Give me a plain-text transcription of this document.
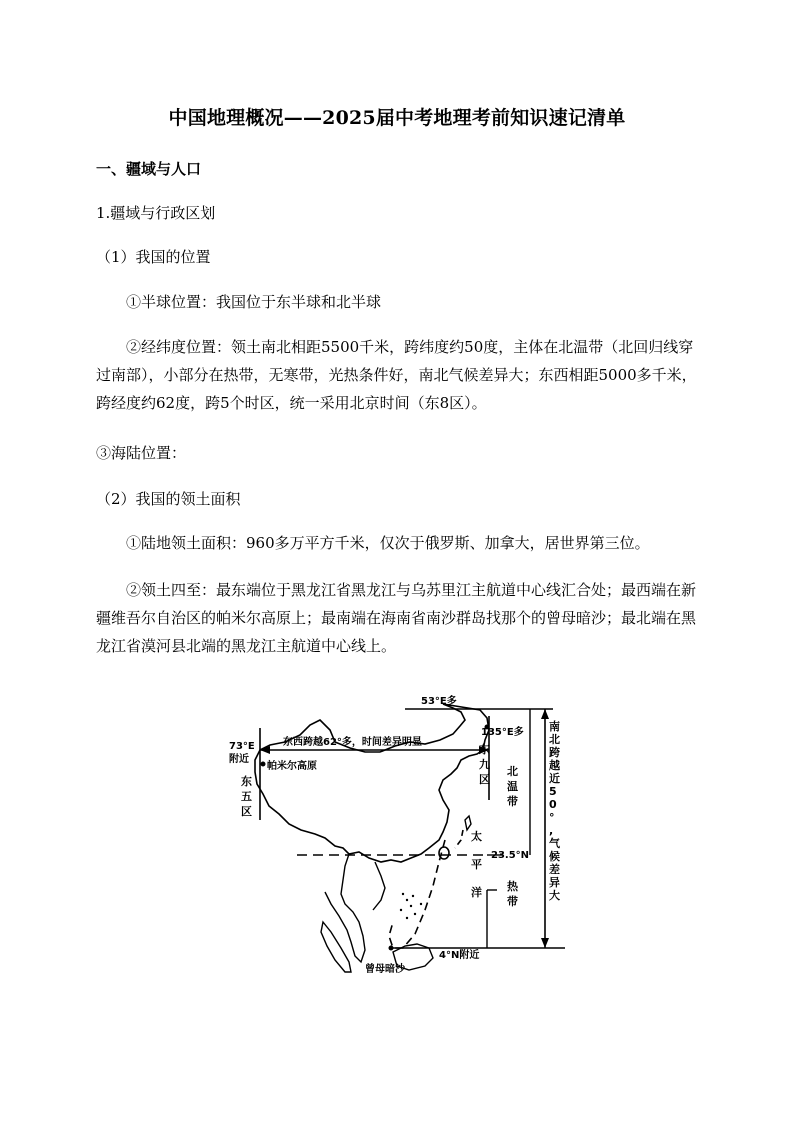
中国地理概况——2025届中考地理考前知识速记清单
一、疆域与人口
1.疆域与行政区划
（1）我国的位置
①半球位置：我国位于东半球和北半球
②经纬度位置：领土南北相距5500千米，跨纬度约50度，主体在北温带（北回归线穿过南部），小部分在热带，无寒带，光热条件好，南北气候差异大；东西相距5000多千米，跨经度约62度，跨5个时区，统一采用北京时间（东8区）。
③海陆位置：
（2）我国的领土面积
①陆地领土面积：960多万平方千米，仅次于俄罗斯、加拿大，居世界第三位。
②领土四至：最东端位于黑龙江省黑龙江与乌苏里江主航道中心线汇合处；最西端在新疆维吾尔自治区的帕米尔高原上；最南端在海南省南沙群岛找那个的曾母暗沙；最北端在黑龙江省漠河县北端的黑龙江主航道中心线上。
53°E多
135°E多
73°E
附近
东西跨越62°多，时间差异明显
帕米尔高原
4°N附近
曾母暗沙
23.5°N
东五区
东九区
北温带
太平洋 热带
南北跨越近 5 0 ° ,气候差异大
